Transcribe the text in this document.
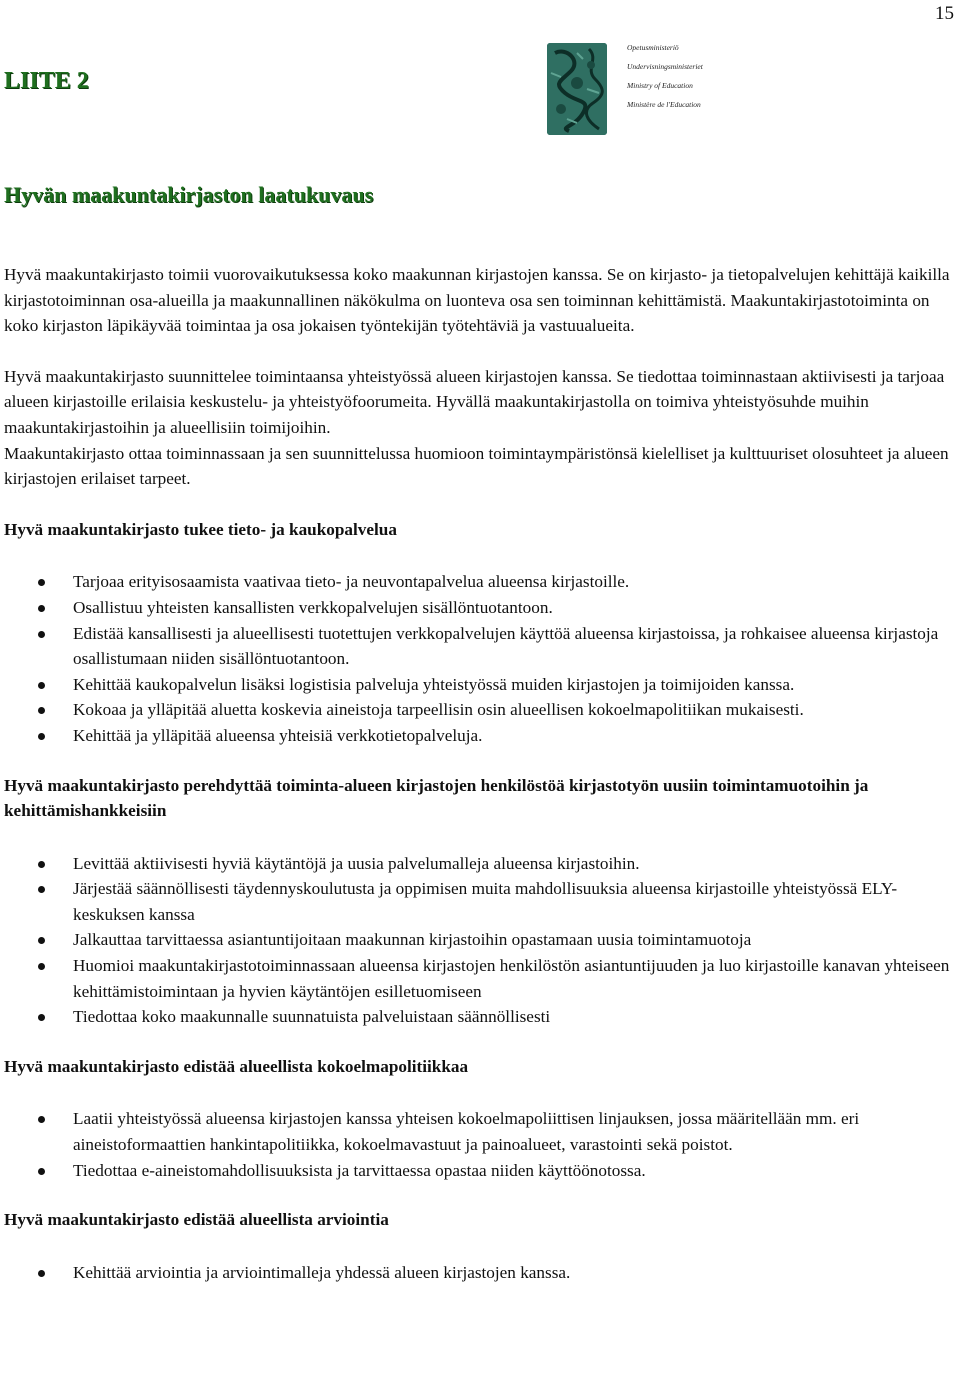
15
LIITE 2
Opetusministeriö
Undervisningsministeriet
Ministry of Education
Ministère de l'Education
Hyvän maakuntakirjaston laatukuvaus

Hyvä maakuntakirjasto toimii vuorovaikutuksessa koko maakunnan kirjastojen kanssa. Se on kirjasto- ja tietopalvelujen kehittäjä kaikilla kirjastotoiminnan osa-alueilla ja maakunnallinen näkökulma on luonteva osa sen toiminnan kehittämistä. Maakuntakirjastotoiminta on koko kirjaston läpikäyvää toimintaa ja osa jokaisen työntekijän työtehtäviä ja vastuualueita.

Hyvä maakuntakirjasto suunnittelee toimintaansa yhteistyössä alueen kirjastojen kanssa. Se tiedottaa toiminnastaan aktiivisesti ja tarjoaa alueen kirjastoille erilaisia keskustelu- ja yhteistyöfoorumeita. Hyvällä maakuntakirjastolla on toimiva yhteistyösuhde muihin maakuntakirjastoihin ja alueellisiin toimijoihin.

Maakuntakirjasto ottaa toiminnassaan ja sen suunnittelussa huomioon toimintaympäristönsä kielelliset ja kulttuuriset olosuhteet ja alueen kirjastojen erilaiset tarpeet.

Hyvä maakuntakirjasto tukee tieto- ja kaukopalvelua
Tarjoaa erityisosaamista vaativaa tieto- ja neuvontapalvelua alueensa kirjastoille.
Osallistuu yhteisten kansallisten verkkopalvelujen sisällöntuotantoon.
Edistää kansallisesti ja alueellisesti tuotettujen verkkopalvelujen käyttöä alueensa kirjastoissa, ja rohkaisee alueensa kirjastoja osallistumaan niiden sisällöntuotantoon.
Kehittää kaukopalvelun lisäksi logistisia palveluja yhteistyössä muiden kirjastojen ja toimijoiden kanssa.
Kokoaa ja ylläpitää aluetta koskevia aineistoja tarpeellisin osin alueellisen kokoelmapolitiikan mukaisesti.
Kehittää ja ylläpitää alueensa yhteisiä verkkotietopalveluja.
Hyvä maakuntakirjasto perehdyttää toiminta-alueen kirjastojen henkilöstöä kirjastotyön uusiin toimintamuotoihin ja kehittämishankkeisiin
Levittää aktiivisesti hyviä käytäntöjä ja uusia palvelumalleja alueensa kirjastoihin.
Järjestää säännöllisesti täydennyskoulutusta ja oppimisen muita mahdollisuuksia alueensa kirjastoille yhteistyössä ELY-keskuksen kanssa
Jalkauttaa tarvittaessa asiantuntijoitaan maakunnan kirjastoihin opastamaan uusia toimintamuotoja
Huomioi maakuntakirjastotoiminnassaan alueensa kirjastojen henkilöstön asiantuntijuuden ja luo kirjastoille kanavan yhteiseen kehittämistoimintaan ja hyvien käytäntöjen esilletuomiseen
Tiedottaa koko maakunnalle suunnatuista palveluistaan säännöllisesti
Hyvä maakuntakirjasto edistää alueellista kokoelmapolitiikkaa
Laatii yhteistyössä alueensa kirjastojen kanssa yhteisen kokoelmapoliittisen linjauksen, jossa määritellään mm. eri aineistoformaattien hankintapolitiikka, kokoelmavastuut ja painoalueet, varastointi sekä poistot.
Tiedottaa e-aineistomahdollisuuksista ja tarvittaessa opastaa niiden käyttöönotossa.
Hyvä maakuntakirjasto edistää alueellista arviointia
Kehittää arviointia ja arviointimalleja yhdessä alueen kirjastojen kanssa.
